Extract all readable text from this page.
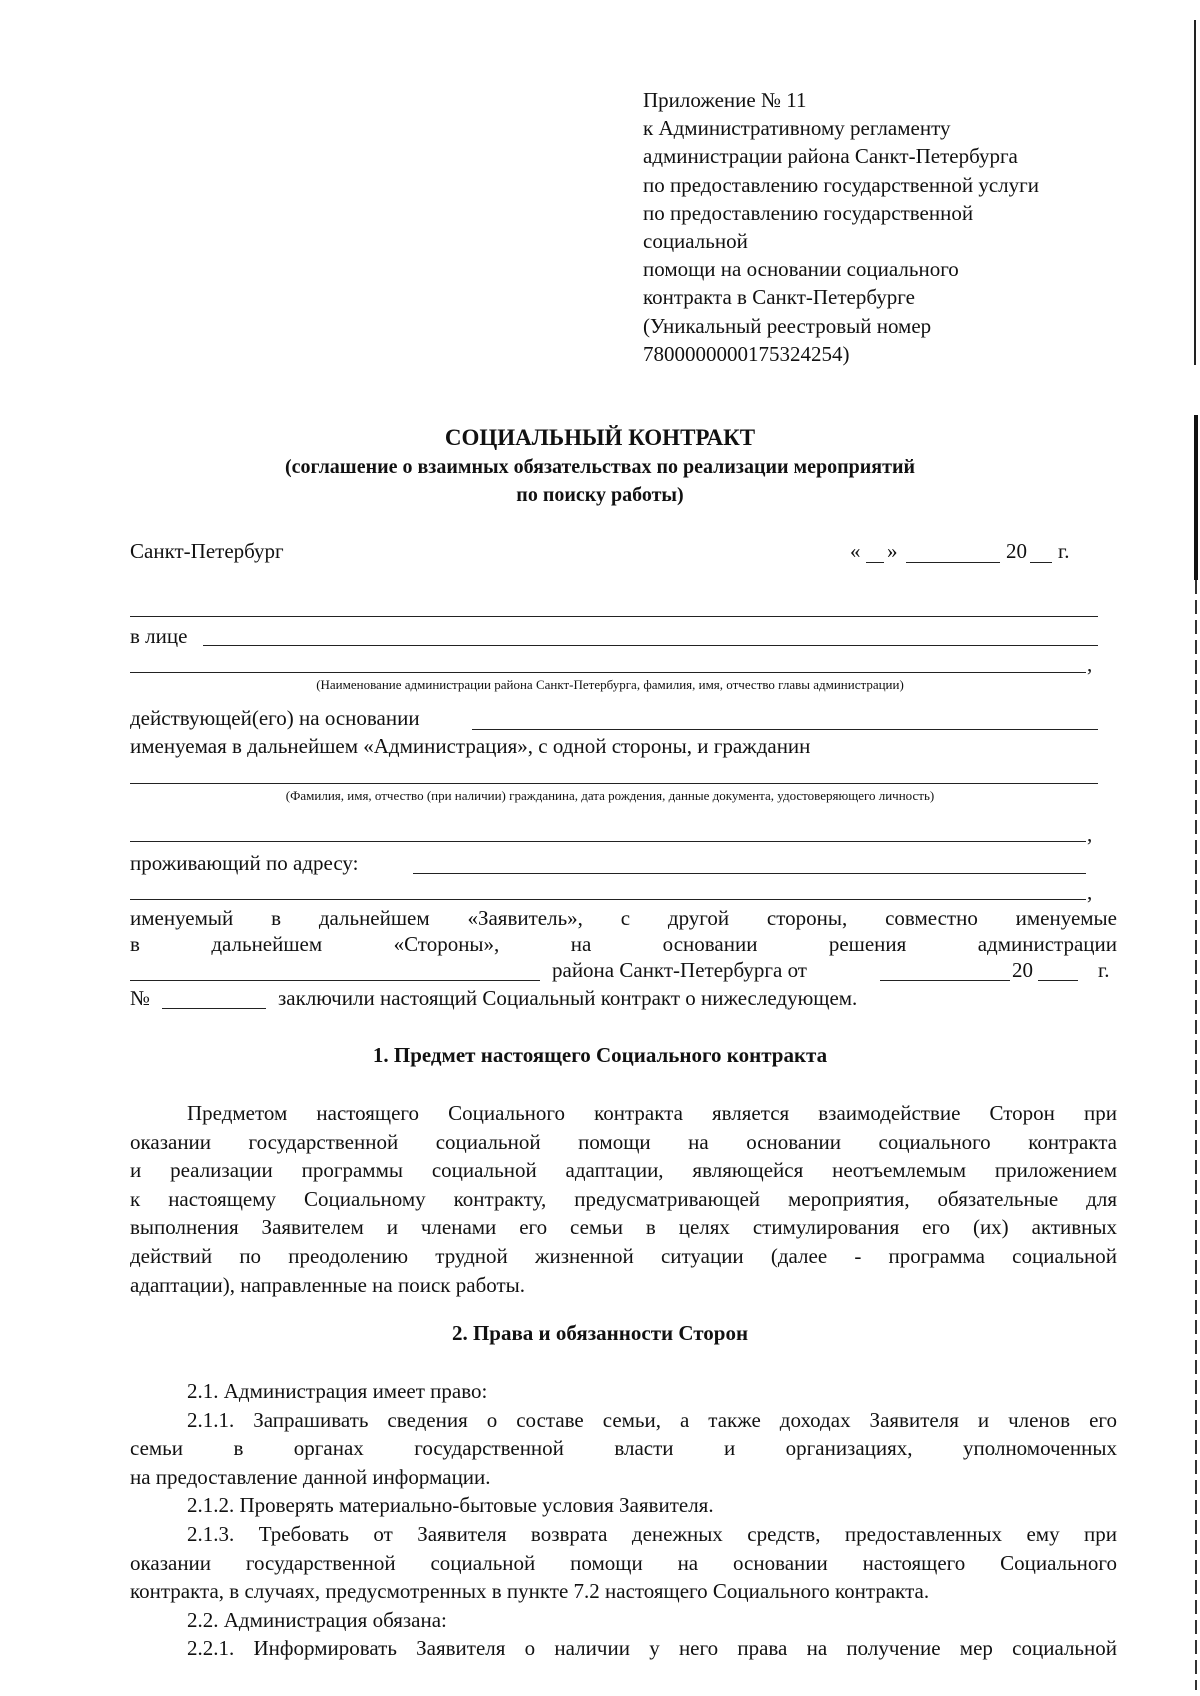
Приложение № 11
к Административному регламенту
администрации района Санкт-Петербурга
по предоставлению государственной услуги
по предоставлению государственной
социальной
помощи на основании социального
контракта в Санкт-Петербурге
(Уникальный реестровый номер
7800000000175324254)
СОЦИАЛЬНЫЙ КОНТРАКТ
(соглашение о взаимных обязательствах по реализации мероприятий
по поиску работы)
Санкт-Петербург	« »	20 г.
в лице
,
(Наименование администрации района Санкт-Петербурга, фамилия, имя, отчество главы администрации)
действующей(его) на основании
именуемая в дальнейшем «Администрация», с одной стороны, и гражданин
(Фамилия, имя, отчество (при наличии) гражданина, дата рождения, данные документа, удостоверяющего личность)
,
проживающий по адресу:
,
именуемый в дальнейшем «Заявитель», с другой стороны, совместно именуемые
в дальнейшем «Стороны», на основании решения администрации
района Санкт-Петербурга от	20	г.
№	заключили настоящий Социальный контракт о нижеследующем.
1. Предмет настоящего Социального контракта
Предметом настоящего Социального контракта является взаимодействие Сторон при
оказании государственной социальной помощи на основании социального контракта
и реализации программы социальной адаптации, являющейся неотъемлемым приложением
к настоящему Социальному контракту, предусматривающей мероприятия, обязательные для
выполнения Заявителем и членами его семьи в целях стимулирования его (их) активных
действий по преодолению трудной жизненной ситуации (далее - программа социальной
адаптации), направленные на поиск работы.
2. Права и обязанности Сторон
2.1. Администрация имеет право:
2.1.1. Запрашивать сведения о составе семьи, а также доходах Заявителя и членов его
семьи в органах государственной власти и организациях, уполномоченных
на предоставление данной информации.
2.1.2. Проверять материально-бытовые условия Заявителя.
2.1.3. Требовать от Заявителя возврата денежных средств, предоставленных ему при
оказании государственной социальной помощи на основании настоящего Социального
контракта, в случаях, предусмотренных в пункте 7.2 настоящего Социального контракта.
2.2. Администрация обязана:
2.2.1. Информировать Заявителя о наличии у него права на получение мер социальной
